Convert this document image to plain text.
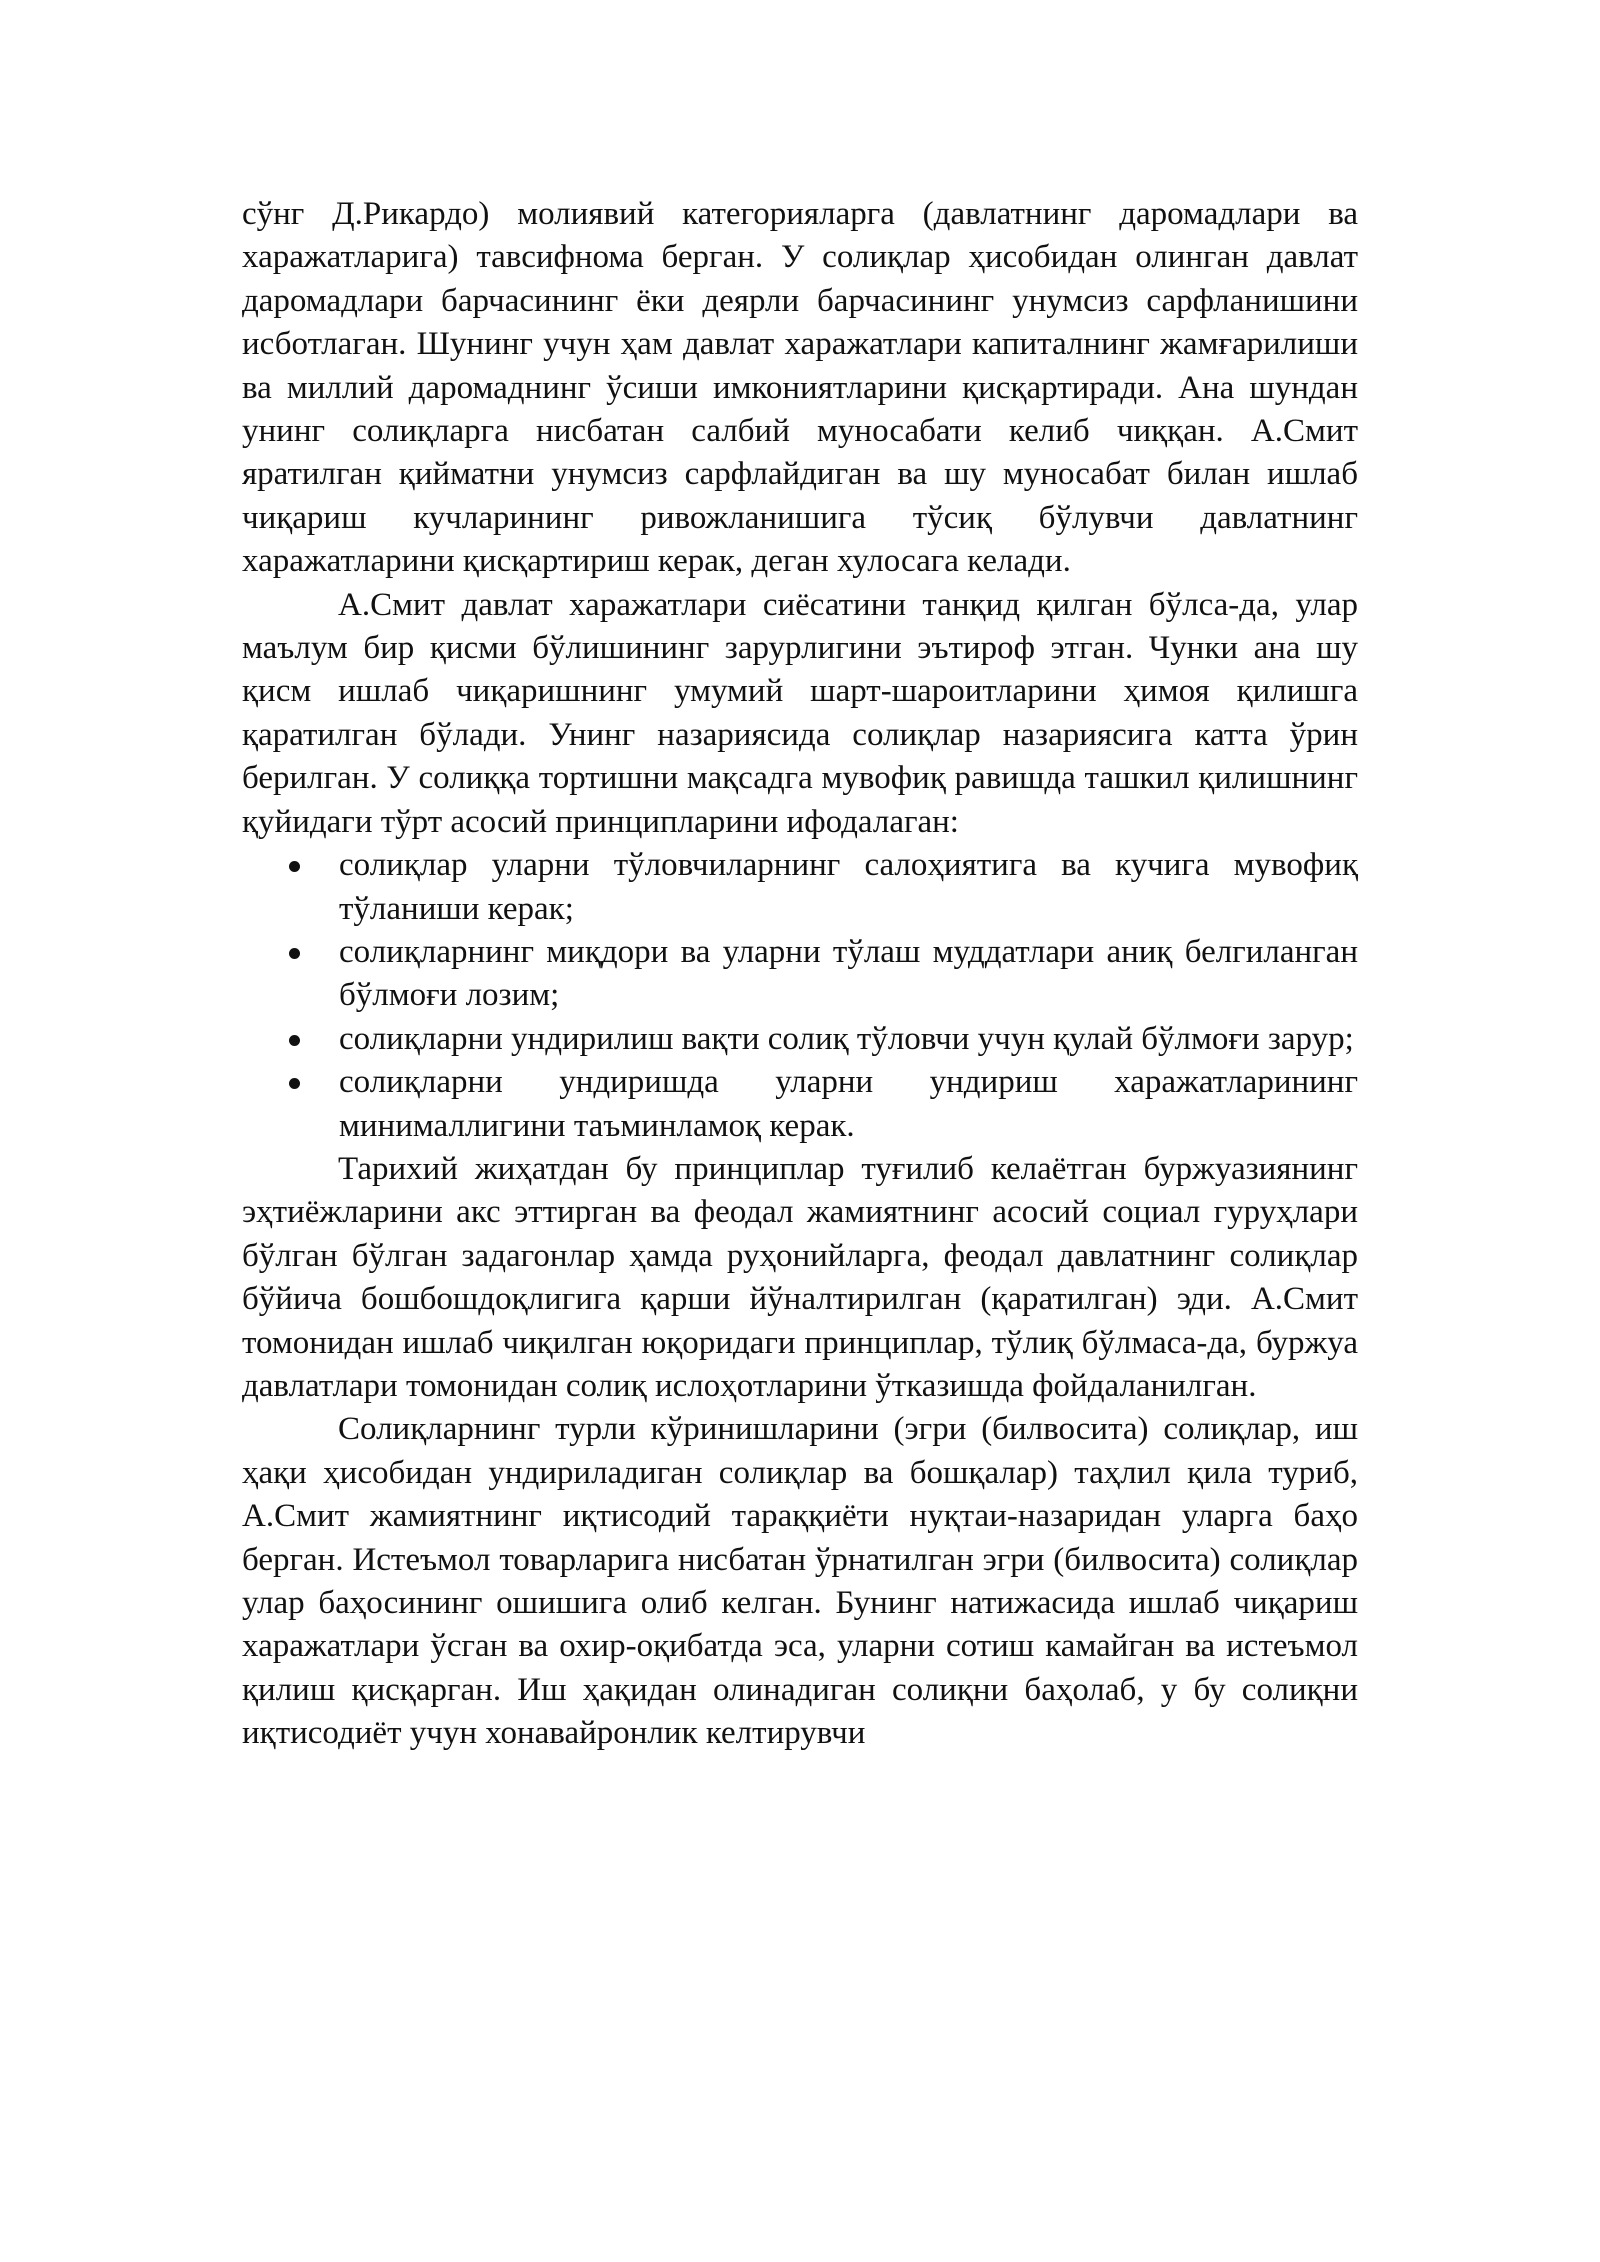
сўнг Д.Рикардо) молиявий категорияларга (давлатнинг даромадлари ва харажатларига) тавсифнома берган. У солиқлар ҳисобидан олинган давлат даромадлари барчасининг ёки деярли барчасининг унумсиз сарфланишини исботлаган. Шунинг учун ҳам давлат харажатлари капиталнинг жамғарилиши ва миллий даромаднинг ўсиши имкониятларини қисқартиради. Ана шундан унинг солиқларга нисбатан салбий муносабати келиб чиққан. А.Смит яратилган қийматни унумсиз сарфлайдиган ва шу муносабат билан ишлаб чиқариш кучларининг ривожланишига тўсиқ бўлувчи давлатнинг харажатларини қисқартириш керак, деган хулосага келади.

А.Смит давлат харажатлари сиёсатини танқид қилган бўлса-да, улар маълум бир қисми бўлишининг зарурлигини эътироф этган. Чунки ана шу қисм ишлаб чиқаришнинг умумий шарт-шароитларини ҳимоя қилишга қаратилган бўлади. Унинг назариясида солиқлар назариясига катта ўрин берилган. У солиққа тортишни мақсадга мувофиқ равишда ташкил қилишнинг қуйидаги тўрт асосий принципларини ифодалаган:

солиқлар уларни тўловчиларнинг салоҳиятига ва кучига мувофиқ тўланиши керак;
солиқларнинг миқдори ва уларни тўлаш муддатлари аниқ белгиланган бўлмоғи лозим;
солиқларни ундирилиш вақти солиқ тўловчи учун қулай бўлмоғи зарур;
солиқларни ундиришда уларни ундириш харажатларининг минималлигини таъминламоқ керак.

Тарихий жиҳатдан бу принциплар туғилиб келаётган буржуазиянинг эҳтиёжларини акс эттирган ва феодал жамиятнинг асосий социал гуруҳлари бўлган бўлган задагонлар ҳамда руҳонийларга, феодал давлатнинг солиқлар бўйича бошбошдоқлигига қарши йўналтирилган (қаратилган) эди. А.Смит томонидан ишлаб чиқилган юқоридаги принциплар, тўлиқ бўлмаса-да, буржуа давлатлари томонидан солиқ ислоҳотларини ўтказишда фойдаланилган.

Солиқларнинг турли кўринишларини (эгри (билвосита) солиқлар, иш ҳақи ҳисобидан ундириладиган солиқлар ва бошқалар) таҳлил қила туриб, А.Смит жамиятнинг иқтисодий тараққиёти нуқтаи-назаридан уларга баҳо берган. Истеъмол товарларига нисбатан ўрнатилган эгри (билвосита) солиқлар улар баҳосининг ошишига олиб келган. Бунинг натижасида ишлаб чиқариш харажатлари ўсган ва охир-оқибатда эса, уларни сотиш камайган ва истеъмол қилиш қисқарган. Иш ҳақидан олинадиган солиқни баҳолаб, у бу солиқни иқтисодиёт учун хонавайронлик келтирувчи
